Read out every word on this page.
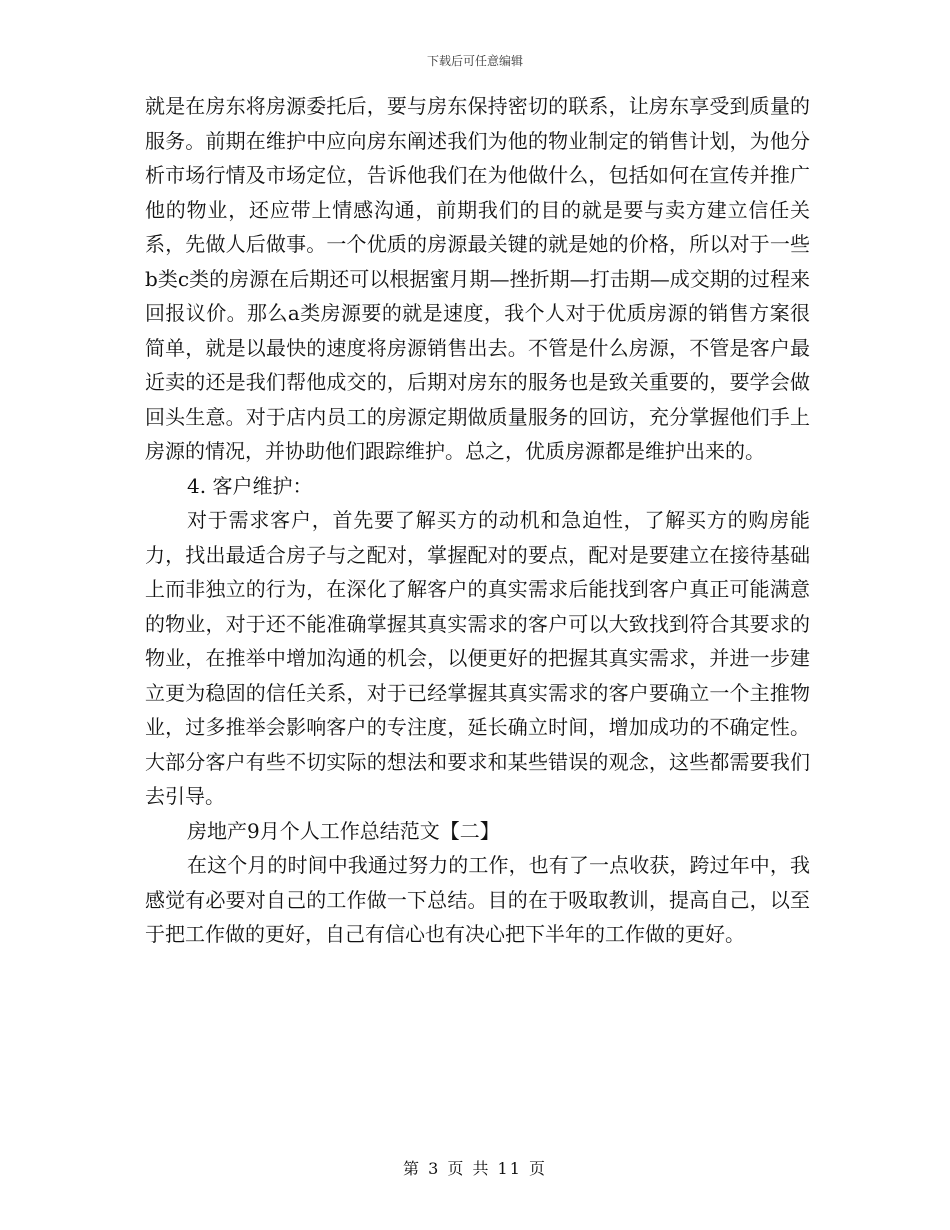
下载后可任意编辑

就是在房东将房源委托后，要与房东保持密切的联系，让房东享受到质量的服务。前期在维护中应向房东阐述我们为他的物业制定的销售计划，为他分析市场行情及市场定位，告诉他我们在为他做什么，包括如何在宣传并推广他的物业，还应带上情感沟通，前期我们的目的就是要与卖方建立信任关系，先做人后做事。一个优质的房源最关键的就是她的价格，所以对于一些b类c类的房源在后期还可以根据蜜月期—挫折期—打击期—成交期的过程来回报议价。那么a类房源要的就是速度，我个人对于优质房源的销售方案很简单，就是以最快的速度将房源销售出去。不管是什么房源，不管是客户最近卖的还是我们帮他成交的，后期对房东的服务也是致关重要的，要学会做回头生意。对于店内员工的房源定期做质量服务的回访，充分掌握他们手上房源的情况，并协助他们跟踪维护。总之，优质房源都是维护出来的。

4. 客户维护：

对于需求客户，首先要了解买方的动机和急迫性，了解买方的购房能力，找出最适合房子与之配对，掌握配对的要点，配对是要建立在接待基础上而非独立的行为，在深化了解客户的真实需求后能找到客户真正可能满意的物业，对于还不能准确掌握其真实需求的客户可以大致找到符合其要求的物业，在推举中增加沟通的机会，以便更好的把握其真实需求，并进一步建立更为稳固的信任关系，对于已经掌握其真实需求的客户要确立一个主推物业，过多推举会影响客户的专注度，延长确立时间，增加成功的不确定性。大部分客户有些不切实际的想法和要求和某些错误的观念，这些都需要我们去引导。

房地产9月个人工作总结范文【二】

在这个月的时间中我通过努力的工作，也有了一点收获，跨过年中，我感觉有必要对自己的工作做一下总结。目的在于吸取教训，提高自己，以至于把工作做的更好，自己有信心也有决心把下半年的工作做的更好。

第 3 页 共 11 页
